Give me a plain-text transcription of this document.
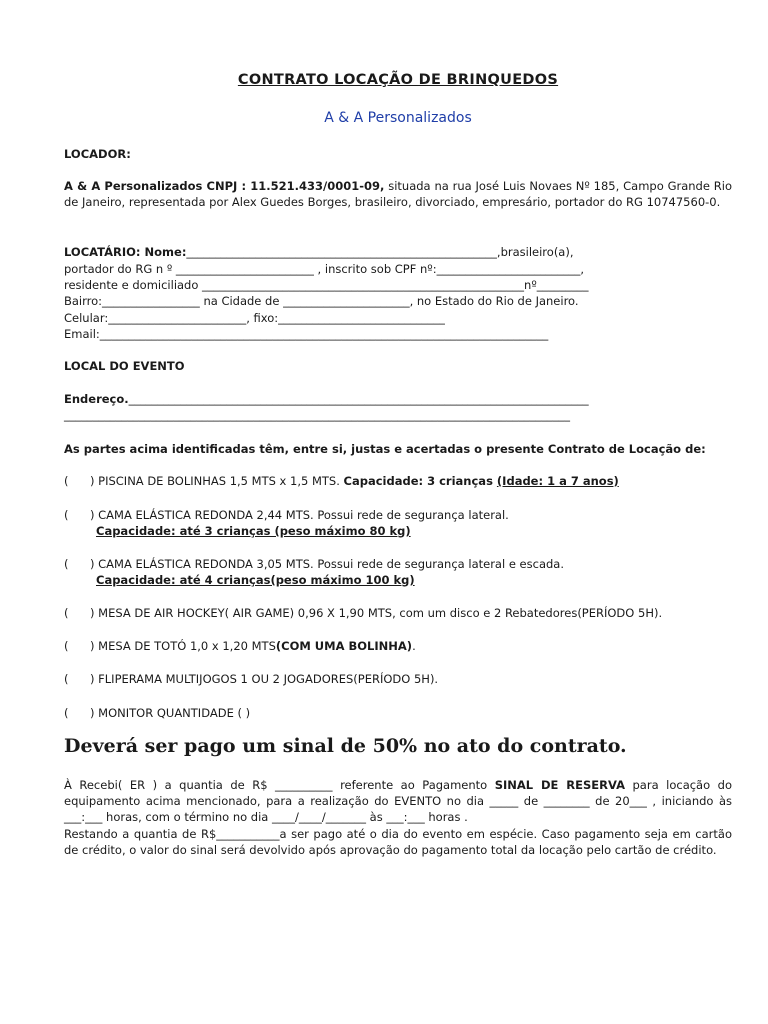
CONTRATO LOCAÇÃO DE BRINQUEDOS
A & A Personalizados
LOCADOR:
A & A Personalizados CNPJ : 11.521.433/0001-09, situada na rua José Luis Novaes Nº 185, Campo Grande Rio de Janeiro, representada por Alex Guedes Borges, brasileiro, divorciado, empresário, portador do RG 10747560-0.
LOCATÁRIO: Nome:______________________________________________________,brasileiro(a),
portador do RG n º ________________________ , inscrito sob CPF nº:_________________________,
residente e domiciliado ________________________________________________________nº_________
Bairro:_________________ na Cidade de ______________________, no Estado do Rio de Janeiro.
Celular:________________________, fixo:_____________________________
Email:______________________________________________________________________________
LOCAL DO EVENTO
Endereço.________________________________________________________________________________
________________________________________________________________________________________
As partes acima identificadas têm, entre si, justas e acertadas o presente Contrato de Locação de:
( ) PISCINA DE BOLINHAS 1,5 MTS x 1,5 MTS. Capacidade: 3 crianças (Idade: 1 a 7 anos)
( ) CAMA ELÁSTICA REDONDA 2,44 MTS. Possui rede de segurança lateral.
Capacidade: até 3 crianças (peso máximo 80 kg)
( ) CAMA ELÁSTICA REDONDA 3,05 MTS. Possui rede de segurança lateral e escada.
Capacidade: até 4 crianças(peso máximo 100 kg)
( ) MESA DE AIR HOCKEY( AIR GAME) 0,96 X 1,90 MTS, com um disco e 2 Rebatedores(PERÍODO 5H).
( ) MESA DE TOTÓ 1,0 x 1,20 MTS(COM UMA BOLINHA).
( ) FLIPERAMA MULTIJOGOS 1 OU 2 JOGADORES(PERÍODO 5H).
( ) MONITOR QUANTIDADE ( )
Deverá ser pago um sinal de 50% no ato do contrato.
À Recebi( ER ) a quantia de R$ __________ referente ao Pagamento SINAL DE RESERVA para locação do equipamento acima mencionado, para a realização do EVENTO no dia _____ de ________ de 20___ , iniciando às ___:___ horas, com o término no dia ____/____/_______ às ___:___ horas .
Restando a quantia de R$___________a ser pago até o dia do evento em espécie. Caso pagamento seja em cartão de crédito, o valor do sinal será devolvido após aprovação do pagamento total da locação pelo cartão de crédito.
